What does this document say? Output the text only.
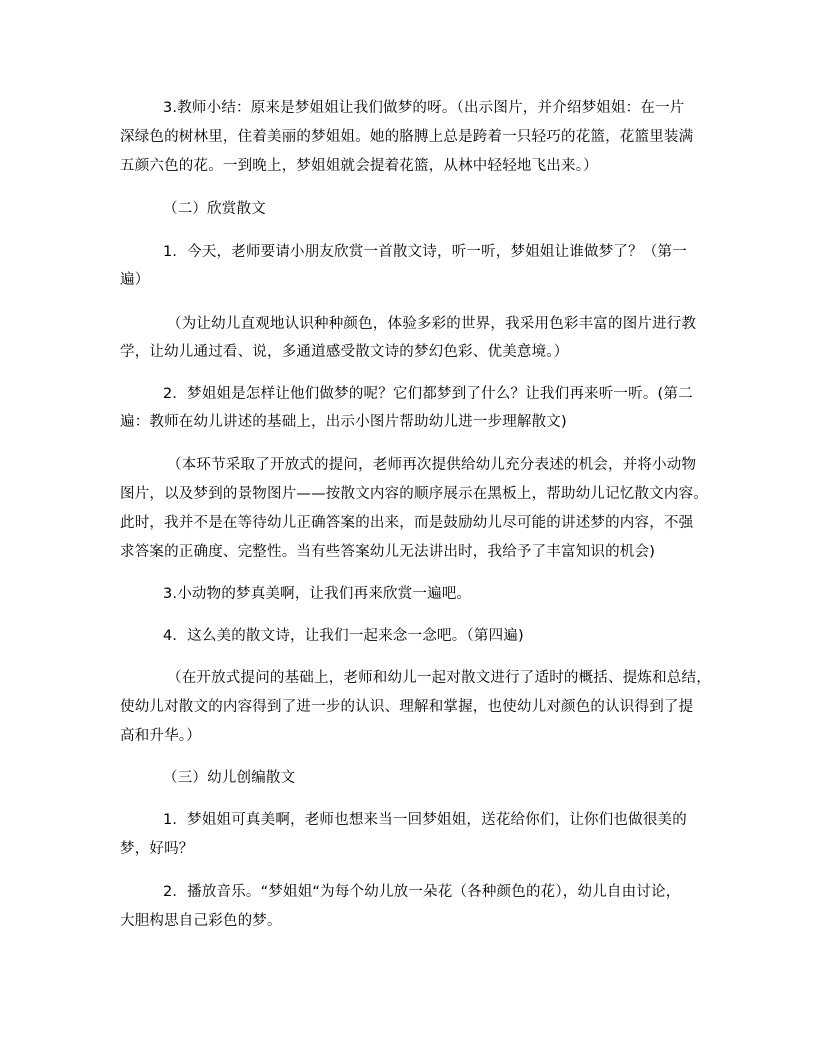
3.教师小结：原来是梦姐姐让我们做梦的呀。（出示图片，并介绍梦姐姐：在一片
深绿色的树林里，住着美丽的梦姐姐。她的胳膊上总是跨着一只轻巧的花篮，花篮里装满
五颜六色的花。一到晚上，梦姐姐就会提着花篮，从林中轻轻地飞出来。）
（二）欣赏散文
1．今天，老师要请小朋友欣赏一首散文诗，听一听，梦姐姐让谁做梦了？（第一
遍）
（为让幼儿直观地认识种种颜色，体验多彩的世界，我采用色彩丰富的图片进行教
学，让幼儿通过看、说，多通道感受散文诗的梦幻色彩、优美意境。）
2．梦姐姐是怎样让他们做梦的呢？它们都梦到了什么？让我们再来听一听。(第二
遍：教师在幼儿讲述的基础上，出示小图片帮助幼儿进一步理解散文)
（本环节采取了开放式的提问，老师再次提供给幼儿充分表述的机会，并将小动物
图片，以及梦到的景物图片——按散文内容的顺序展示在黑板上，帮助幼儿记忆散文内容。
此时，我并不是在等待幼儿正确答案的出来，而是鼓励幼儿尽可能的讲述梦的内容，不强
求答案的正确度、完整性。当有些答案幼儿无法讲出时，我给予了丰富知识的机会)
3.小动物的梦真美啊，让我们再来欣赏一遍吧。
4．这么美的散文诗，让我们一起来念一念吧。（第四遍)
（在开放式提问的基础上，老师和幼儿一起对散文进行了适时的概括、提炼和总结，
使幼儿对散文的内容得到了进一步的认识、理解和掌握，也使幼儿对颜色的认识得到了提
高和升华。）
（三）幼儿创编散文
1．梦姐姐可真美啊，老师也想来当一回梦姐姐，送花给你们，让你们也做很美的
梦，好吗？
2．播放音乐。“梦姐姐“为每个幼儿放一朵花（各种颜色的花），幼儿自由讨论，
大胆构思自己彩色的梦。
